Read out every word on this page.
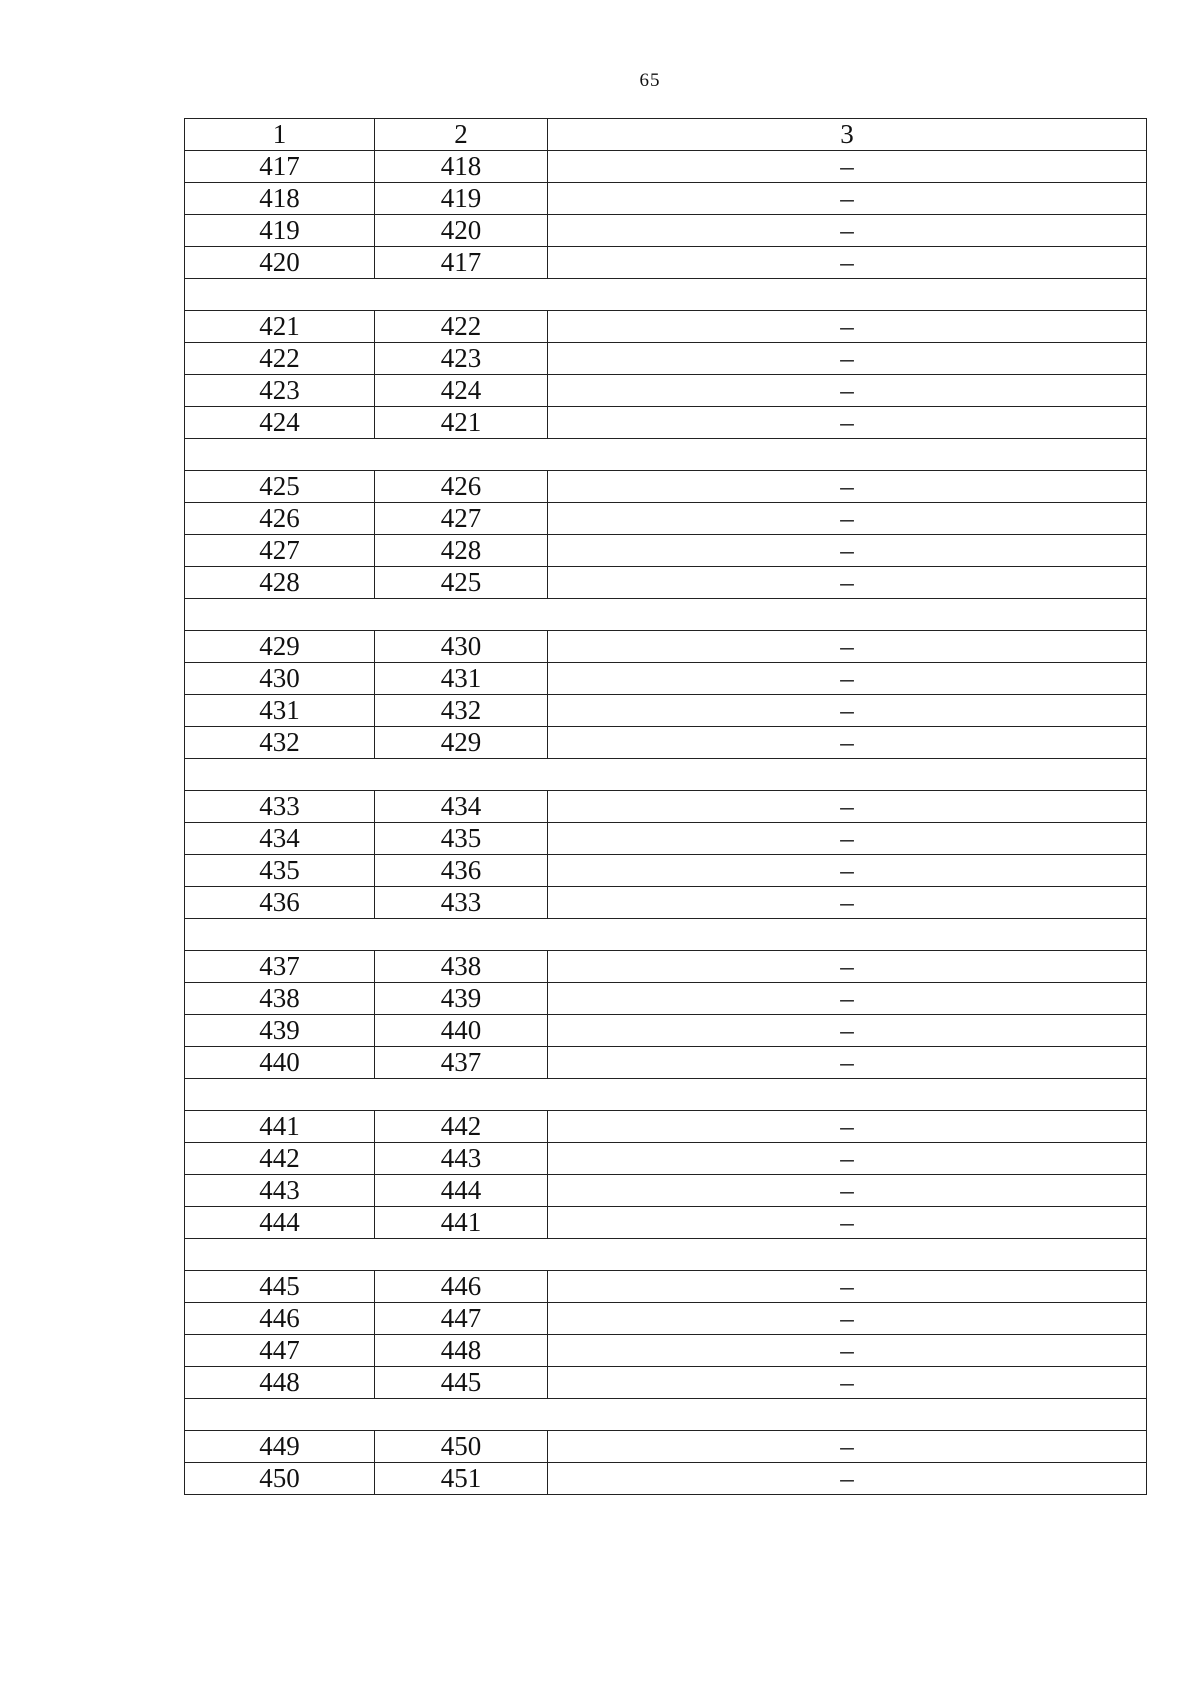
65
1	2	3
417	418	–
418	419	–
419	420	–
420	417	–

421	422	–
422	423	–
423	424	–
424	421	–

425	426	–
426	427	–
427	428	–
428	425	–

429	430	–
430	431	–
431	432	–
432	429	–

433	434	–
434	435	–
435	436	–
436	433	–

437	438	–
438	439	–
439	440	–
440	437	–

441	442	–
442	443	–
443	444	–
444	441	–

445	446	–
446	447	–
447	448	–
448	445	–

449	450	–
450	451	–
